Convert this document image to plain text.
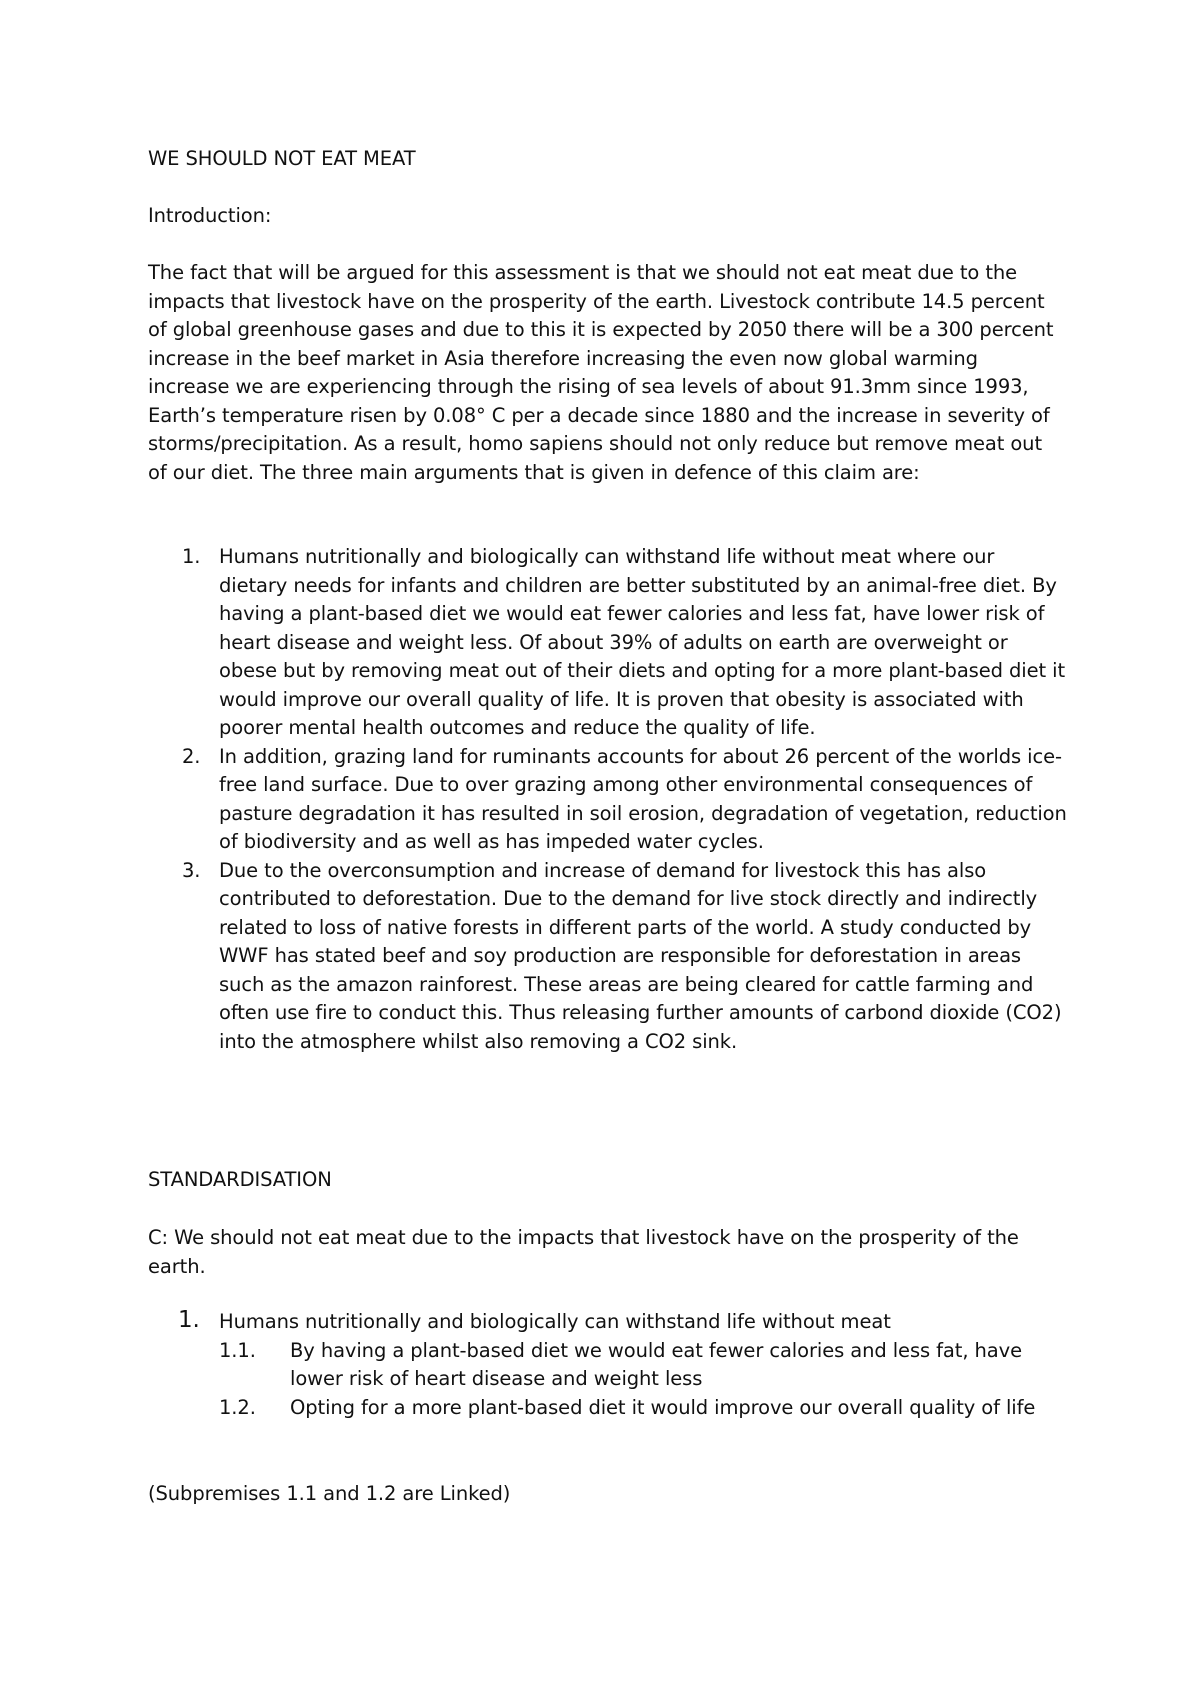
WE SHOULD NOT EAT MEAT

Introduction:

The fact that will be argued for this assessment is that we should not eat meat due to the impacts that livestock have on the prosperity of the earth. Livestock contribute 14.5 percent of global greenhouse gases and due to this it is expected by 2050 there will be a 300 percent increase in the beef market in Asia therefore increasing the even now global warming increase we are experiencing through the rising of sea levels of about 91.3mm since 1993, Earth’s temperature risen by 0.08° C per a decade since 1880 and the increase in severity of storms/precipitation. As a result, homo sapiens should not only reduce but remove meat out of our diet. The three main arguments that is given in defence of this claim are:

1. Humans nutritionally and biologically can withstand life without meat where our dietary needs for infants and children are better substituted by an animal-free diet. By having a plant-based diet we would eat fewer calories and less fat, have lower risk of heart disease and weight less. Of about 39% of adults on earth are overweight or obese but by removing meat out of their diets and opting for a more plant-based diet it would improve our overall quality of life. It is proven that obesity is associated with poorer mental health outcomes and reduce the quality of life.
2. In addition, grazing land for ruminants accounts for about 26 percent of the worlds ice-free land surface. Due to over grazing among other environmental consequences of pasture degradation it has resulted in soil erosion, degradation of vegetation, reduction of biodiversity and as well as has impeded water cycles.
3. Due to the overconsumption and increase of demand for livestock this has also contributed to deforestation. Due to the demand for live stock directly and indirectly related to loss of native forests in different parts of the world. A study conducted by WWF has stated beef and soy production are responsible for deforestation in areas such as the amazon rainforest. These areas are being cleared for cattle farming and often use fire to conduct this. Thus releasing further amounts of carbond dioxide (CO2) into the atmosphere whilst also removing a CO2 sink.

STANDARDISATION

C: We should not eat meat due to the impacts that livestock have on the prosperity of the earth.

1. Humans nutritionally and biologically can withstand life without meat
1.1. By having a plant-based diet we would eat fewer calories and less fat, have lower risk of heart disease and weight less
1.2. Opting for a more plant-based diet it would improve our overall quality of life

(Subpremises 1.1 and 1.2 are Linked)
